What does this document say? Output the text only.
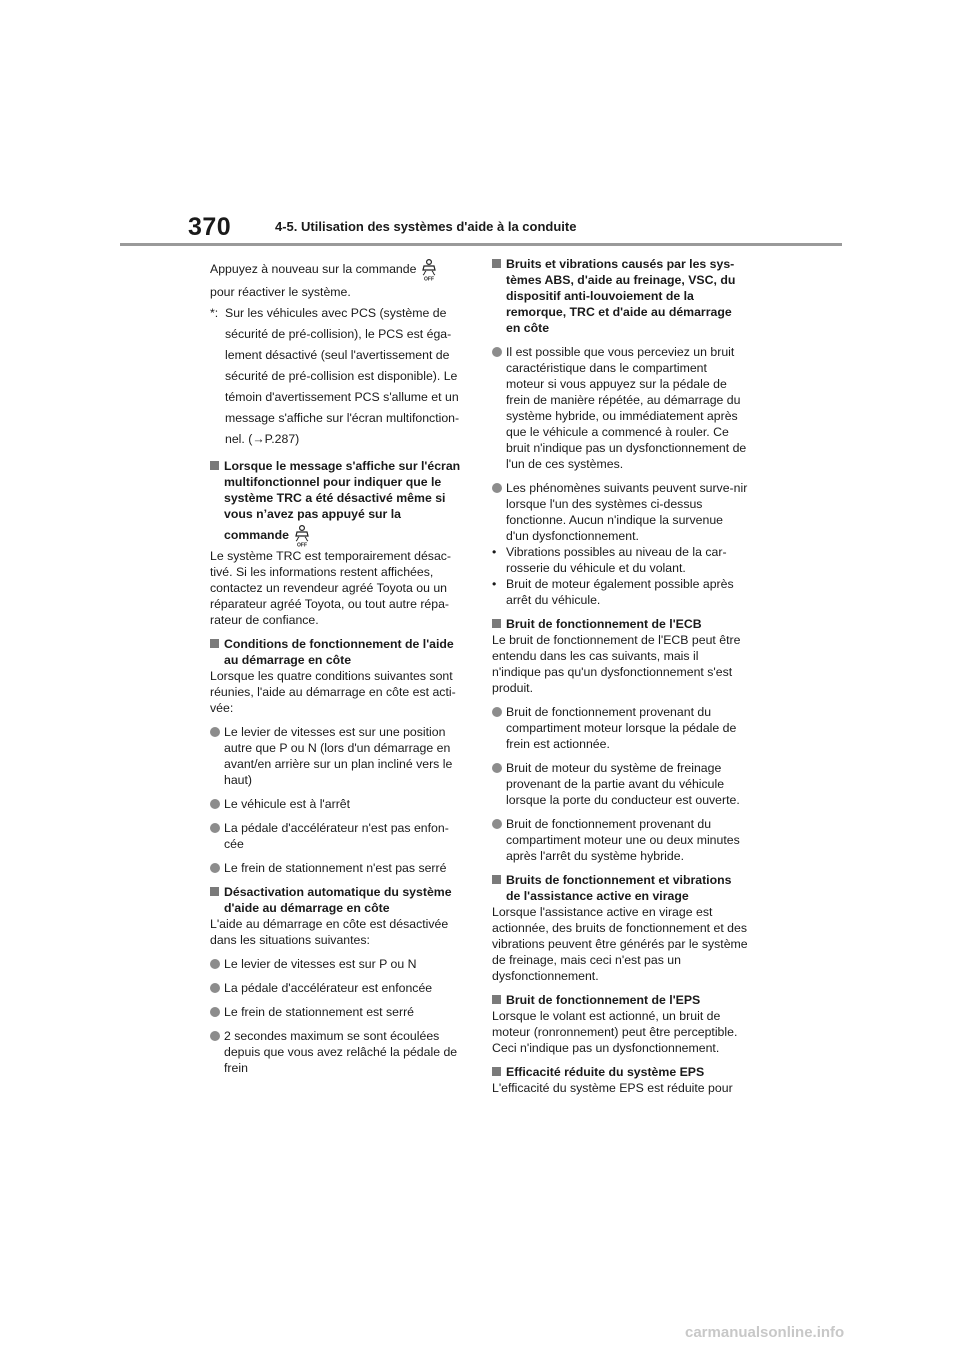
370	4-5. Utilisation des systèmes d'aide à la conduite

Appuyez à nouveau sur la commande
OFF

pour réactiver le système.

*: Sur les véhicules avec PCS (système de sécurité de pré-collision), le PCS est éga-lement désactivé (seul l'avertissement de sécurité de pré-collision est disponible). Le témoin d'avertissement PCS s'allume et un message s'affiche sur l'écran multifonction-nel. (→P.287)

Lorsque le message s'affiche sur l'écran multifonctionnel pour indiquer que le système TRC a été désactivé même si vous n’avez pas appuyé sur la

commande
OFF

Le système TRC est temporairement désac-tivé. Si les informations restent affichées, contactez un revendeur agréé Toyota ou un réparateur agréé Toyota, ou tout autre répa-rateur de confiance.

Conditions de fonctionnement de l'aide au démarrage en côte

Lorsque les quatre conditions suivantes sont réunies, l'aide au démarrage en côte est acti-vée:

Le levier de vitesses est sur une position autre que P ou N (lors d'un démarrage en avant/en arrière sur un plan incliné vers le haut)

Le véhicule est à l'arrêt

La pédale d'accélérateur n'est pas enfon-cée

Le frein de stationnement n'est pas serré

Désactivation automatique du système d'aide au démarrage en côte

L'aide au démarrage en côte est désactivée dans les situations suivantes:

Le levier de vitesses est sur P ou N

La pédale d'accélérateur est enfoncée

Le frein de stationnement est serré

2 secondes maximum se sont écoulées depuis que vous avez relâché la pédale de frein

Bruits et vibrations causés par les sys-tèmes ABS, d'aide au freinage, VSC, du dispositif anti-louvoiement de la remorque, TRC et d'aide au démarrage en côte

Il est possible que vous perceviez un bruit caractéristique dans le compartiment moteur si vous appuyez sur la pédale de frein de manière répétée, au démarrage du système hybride, ou immédiatement après que le véhicule a commencé à rouler. Ce bruit n'indique pas un dysfonctionnement de l'un de ces systèmes.

Les phénomènes suivants peuvent surve-nir lorsque l'un des systèmes ci-dessus fonctionne. Aucun n'indique la survenue d'un dysfonctionnement.

• Vibrations possibles au niveau de la car-rosserie du véhicule et du volant.

• Bruit de moteur également possible après arrêt du véhicule.

Bruit de fonctionnement de l'ECB

Le bruit de fonctionnement de l'ECB peut être entendu dans les cas suivants, mais il n'indique pas qu'un dysfonctionnement s'est produit.

Bruit de fonctionnement provenant du compartiment moteur lorsque la pédale de frein est actionnée.

Bruit de moteur du système de freinage provenant de la partie avant du véhicule lorsque la porte du conducteur est ouverte.

Bruit de fonctionnement provenant du compartiment moteur une ou deux minutes après l'arrêt du système hybride.

Bruits de fonctionnement et vibrations de l'assistance active en virage

Lorsque l'assistance active en virage est actionnée, des bruits de fonctionnement et des vibrations peuvent être générés par le système de freinage, mais ceci n'est pas un dysfonctionnement.

Bruit de fonctionnement de l'EPS

Lorsque le volant est actionné, un bruit de moteur (ronronnement) peut être perceptible. Ceci n'indique pas un dysfonctionnement.

Efficacité réduite du système EPS

L'efficacité du système EPS est réduite pour

carmanualsonline.info
